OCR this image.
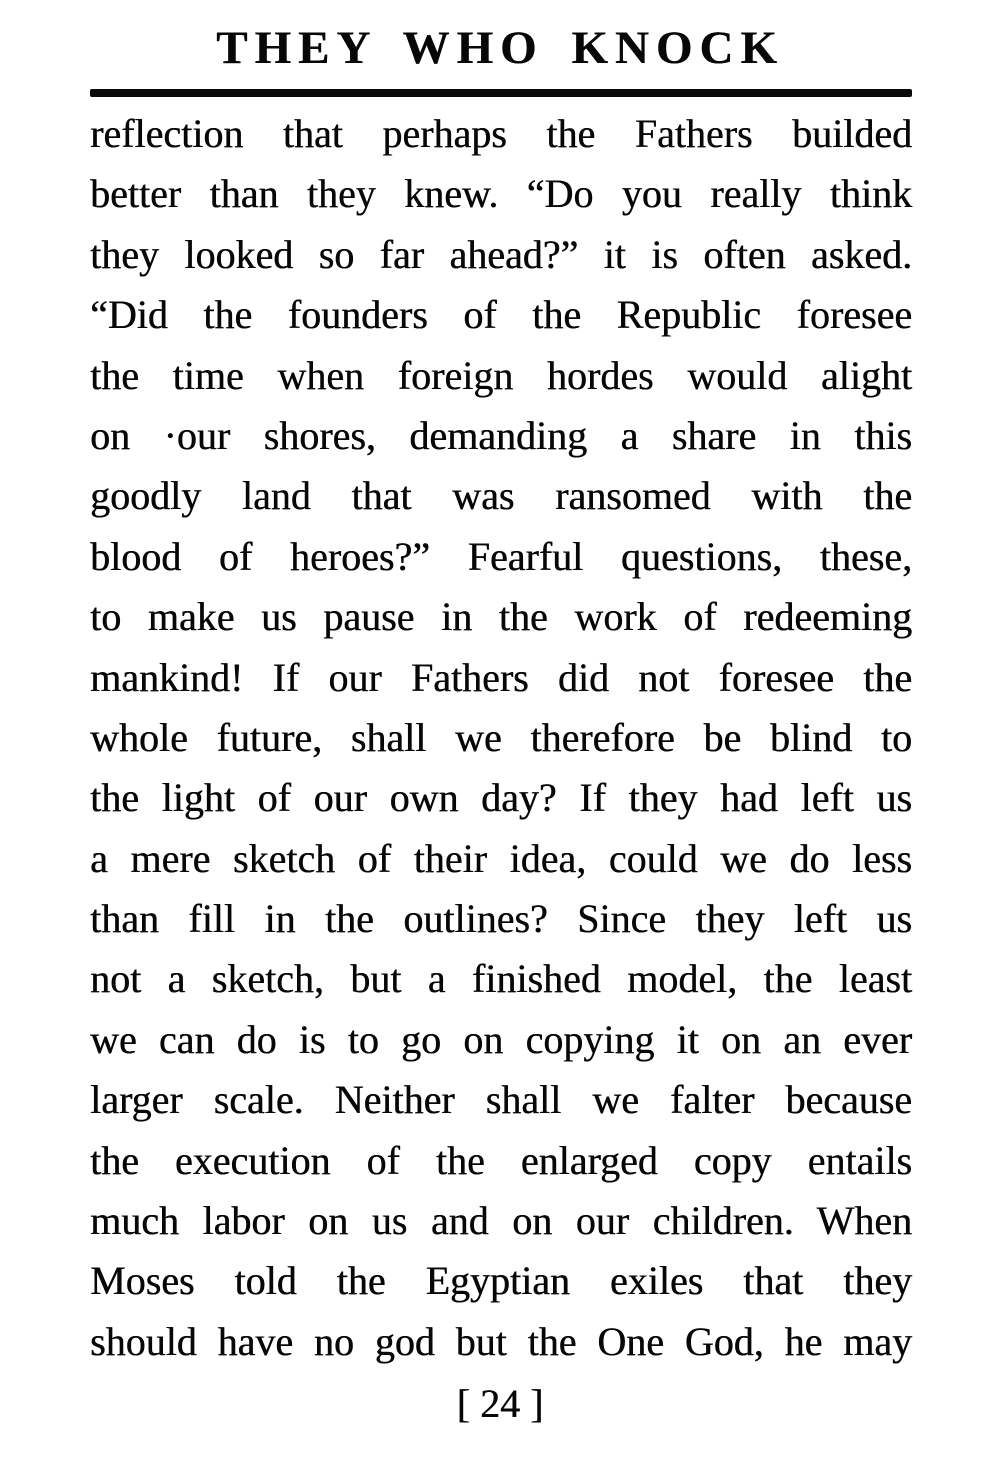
THEY WHO KNOCK
reflection that perhaps the Fathers builded
better than they knew. “Do you really think
they looked so far ahead?” it is often asked.
“Did the founders of the Republic foresee
the time when foreign hordes would alight
on ·our shores, demanding a share in this
goodly land that was ransomed with the
blood of heroes?” Fearful questions, these,
to make us pause in the work of redeeming
mankind! If our Fathers did not foresee the
whole future, shall we therefore be blind to
the light of our own day? If they had left us
a mere sketch of their idea, could we do less
than fill in the outlines? Since they left us
not a sketch, but a finished model, the least
we can do is to go on copying it on an ever
larger scale. Neither shall we falter because
the execution of the enlarged copy entails
much labor on us and on our children. When
Moses told the Egyptian exiles that they
should have no god but the One God, he may
[ 24 ]
